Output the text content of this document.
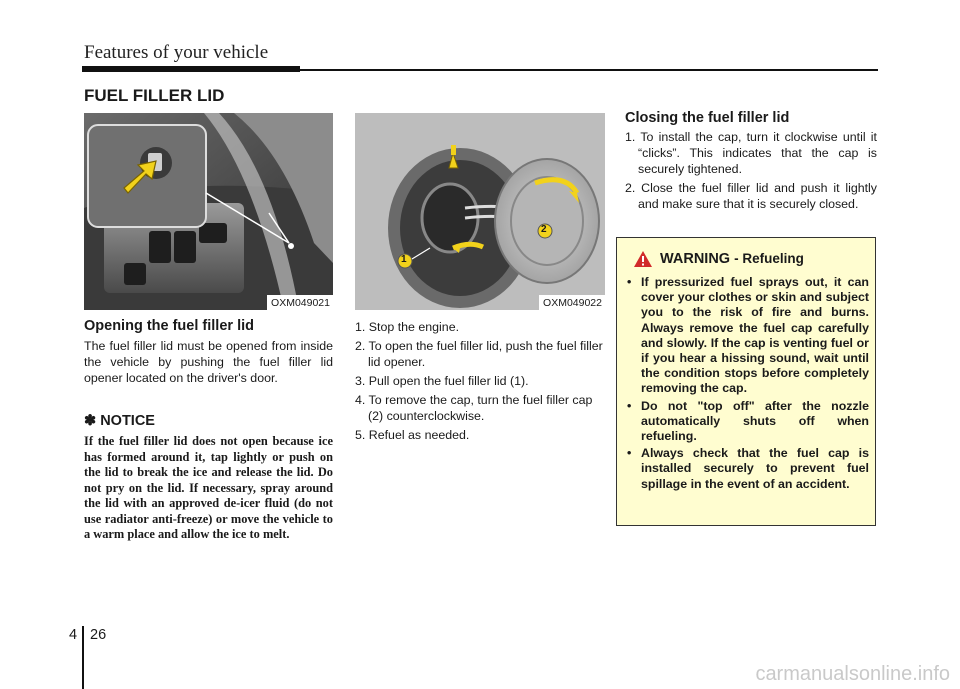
Features of your vehicle
FUEL FILLER LID
OXM049021
1
2
OXM049022
Opening the fuel filler lid
The fuel filler lid must be opened from inside the vehicle by pushing the fuel filler lid opener located on the driver's door.
✽ NOTICE
If the fuel filler lid does not open because ice has formed around it, tap lightly or push on the lid to break the ice and release the lid. Do not pry on the lid. If necessary, spray around the lid with an approved de-icer fluid (do not use radiator anti-freeze) or move the vehicle to a warm place and allow the ice to melt.
1. Stop the engine.
2. To open the fuel filler lid, push the fuel filler lid opener.
3. Pull open the fuel filler lid (1).
4. To remove the cap, turn the fuel filler cap (2) counterclockwise.
5. Refuel as needed.
Closing the fuel filler lid
1. To install the cap, turn it clockwise until it “clicks”. This indicates that the cap is securely tightened.
2. Close the fuel filler lid and push it lightly and make sure that it is securely closed.
WARNING - Refueling
• If pressurized fuel sprays out, it can cover your clothes or skin and subject you to the risk of fire and burns. Always remove the fuel cap carefully and slowly. If the cap is venting fuel or if you hear a hissing sound, wait until the condition stops before completely removing the cap.
• Do not "top off" after the nozzle automatically shuts off when refueling.
• Always check that the fuel cap is installed securely to prevent fuel spillage in the event of an accident.
4 26
carmanualsonline.info
